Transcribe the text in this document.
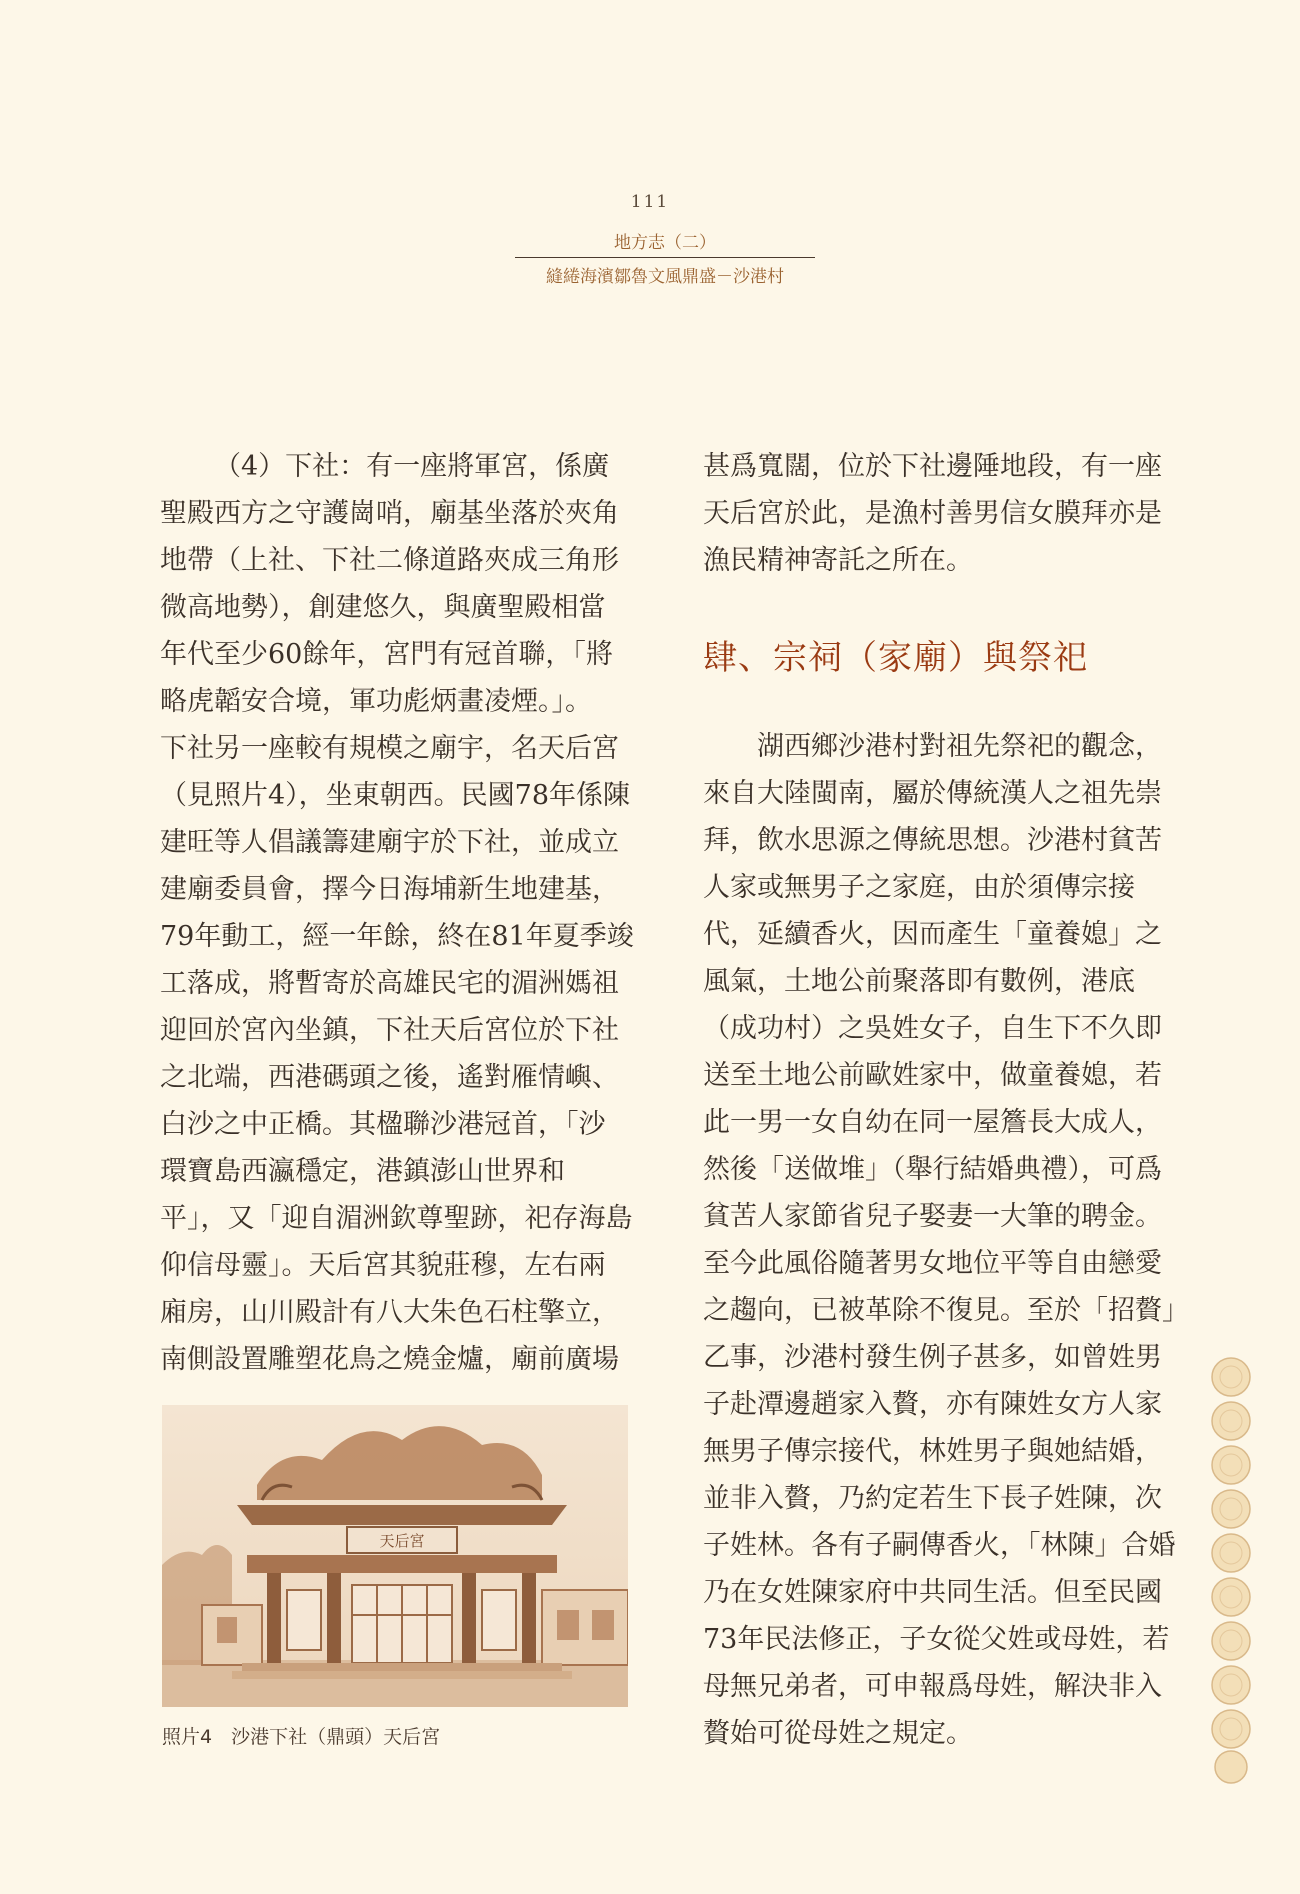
111
地方志（二）
縫綣海濱鄒魯文風鼎盛－沙港村
（4）下社：有一座將軍宮，係廣
聖殿西方之守護崗哨，廟基坐落於夾角
地帶（上社、下社二條道路夾成三角形
微高地勢），創建悠久，與廣聖殿相當
年代至少60餘年，宮門有冠首聯，「將
略虎韜安合境，軍功彪炳畫凌煙。」。
下社另一座較有規模之廟宇，名天后宮
（見照片4），坐東朝西。民國78年係陳
建旺等人倡議籌建廟宇於下社，並成立
建廟委員會，擇今日海埔新生地建基，
79年動工，經一年餘，終在81年夏季竣
工落成，將暫寄於高雄民宅的湄洲媽祖
迎回於宮內坐鎮，下社天后宮位於下社
之北端，西港碼頭之後，遙對雁情嶼、
白沙之中正橋。其楹聯沙港冠首，「沙
環寶島西瀛穩定，港鎮澎山世界和
平」，又「迎自湄洲欽尊聖跡，祀存海島
仰信母靈」。天后宮其貌莊穆，左右兩
廂房，山川殿計有八大朱色石柱擎立，
南側設置雕塑花鳥之燒金爐，廟前廣場
甚爲寬闊，位於下社邊陲地段，有一座
天后宮於此，是漁村善男信女膜拜亦是
漁民精神寄託之所在。
肆、宗祠（家廟）與祭祀
湖西鄉沙港村對祖先祭祀的觀念，
來自大陸閩南，屬於傳統漢人之祖先崇
拜，飲水思源之傳統思想。沙港村貧苦
人家或無男子之家庭，由於須傳宗接
代，延續香火，因而產生「童養媳」之
風氣，土地公前聚落即有數例，港底
（成功村）之吳姓女子，自生下不久即
送至土地公前歐姓家中，做童養媳，若
此一男一女自幼在同一屋簷長大成人，
然後「送做堆」（舉行結婚典禮），可爲
貧苦人家節省兒子娶妻一大筆的聘金。
至今此風俗隨著男女地位平等自由戀愛
之趨向，已被革除不復見。至於「招贅」
乙事，沙港村發生例子甚多，如曾姓男
子赴潭邊趙家入贅，亦有陳姓女方人家
無男子傳宗接代，林姓男子與她結婚，
並非入贅，乃約定若生下長子姓陳，次
子姓林。各有子嗣傳香火，「林陳」合婚
乃在女姓陳家府中共同生活。但至民國
73年民法修正，子女從父姓或母姓，若
母無兄弟者，可申報爲母姓，解決非入
贅始可從母姓之規定。
天后宮
照片4　沙港下社（鼎頭）天后宮
